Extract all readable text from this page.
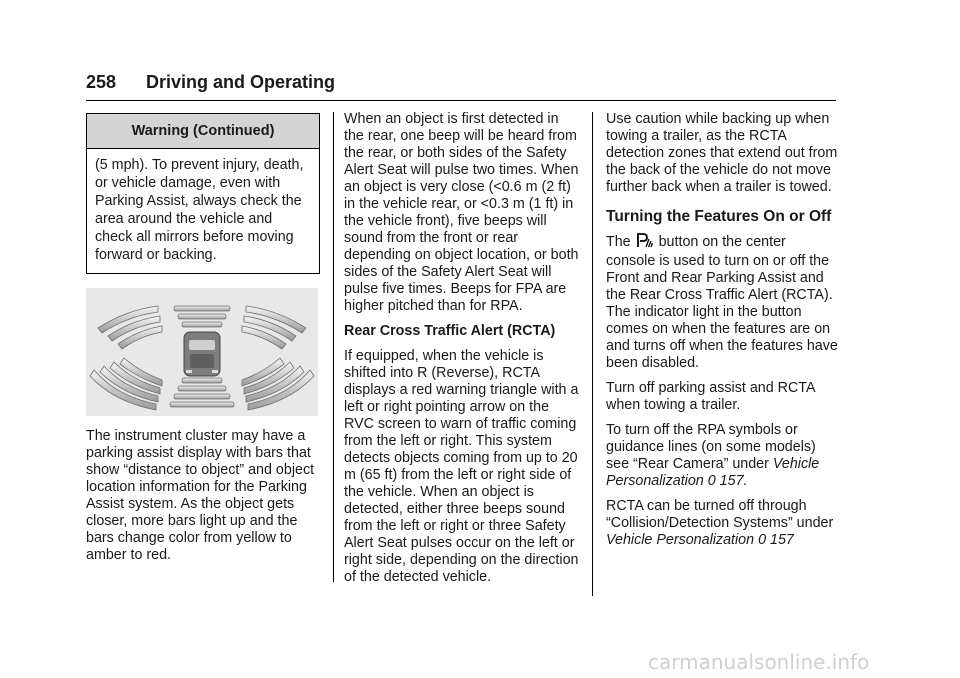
258 Driving and Operating
Warning (Continued)
(5 mph). To prevent injury, death, or vehicle damage, even with Parking Assist, always check the area around the vehicle and check all mirrors before moving forward or backing.

The instrument cluster may have a parking assist display with bars that show “distance to object” and object location information for the Parking Assist system. As the object gets closer, more bars light up and the bars change color from yellow to amber to red.

When an object is first detected in the rear, one beep will be heard from the rear, or both sides of the Safety Alert Seat will pulse two times. When an object is very close (<0.6 m (2 ft) in the vehicle rear, or <0.3 m (1 ft) in the vehicle front), five beeps will sound from the front or rear depending on object location, or both sides of the Safety Alert Seat will pulse five times. Beeps for FPA are higher pitched than for RPA.

Rear Cross Traffic Alert (RCTA)

If equipped, when the vehicle is shifted into R (Reverse), RCTA displays a red warning triangle with a left or right pointing arrow on the RVC screen to warn of traffic coming from the left or right. This system detects objects coming from up to 20 m (65 ft) from the left or right side of the vehicle. When an object is detected, either three beeps sound from the left or right or three Safety Alert Seat pulses occur on the left or right side, depending on the direction of the detected vehicle.

Use caution while backing up when towing a trailer, as the RCTA detection zones that extend out from the back of the vehicle do not move further back when a trailer is towed.

Turning the Features On or Off

The button on the center console is used to turn on or off the Front and Rear Parking Assist and the Rear Cross Traffic Alert (RCTA). The indicator light in the button comes on when the features are on and turns off when the features have been disabled.

Turn off parking assist and RCTA when towing a trailer.

To turn off the RPA symbols or guidance lines (on some models) see “Rear Camera” under Vehicle Personalization 0 157.

RCTA can be turned off through “Collision/Detection Systems” under Vehicle Personalization 0 157

carmanualsonline.info
